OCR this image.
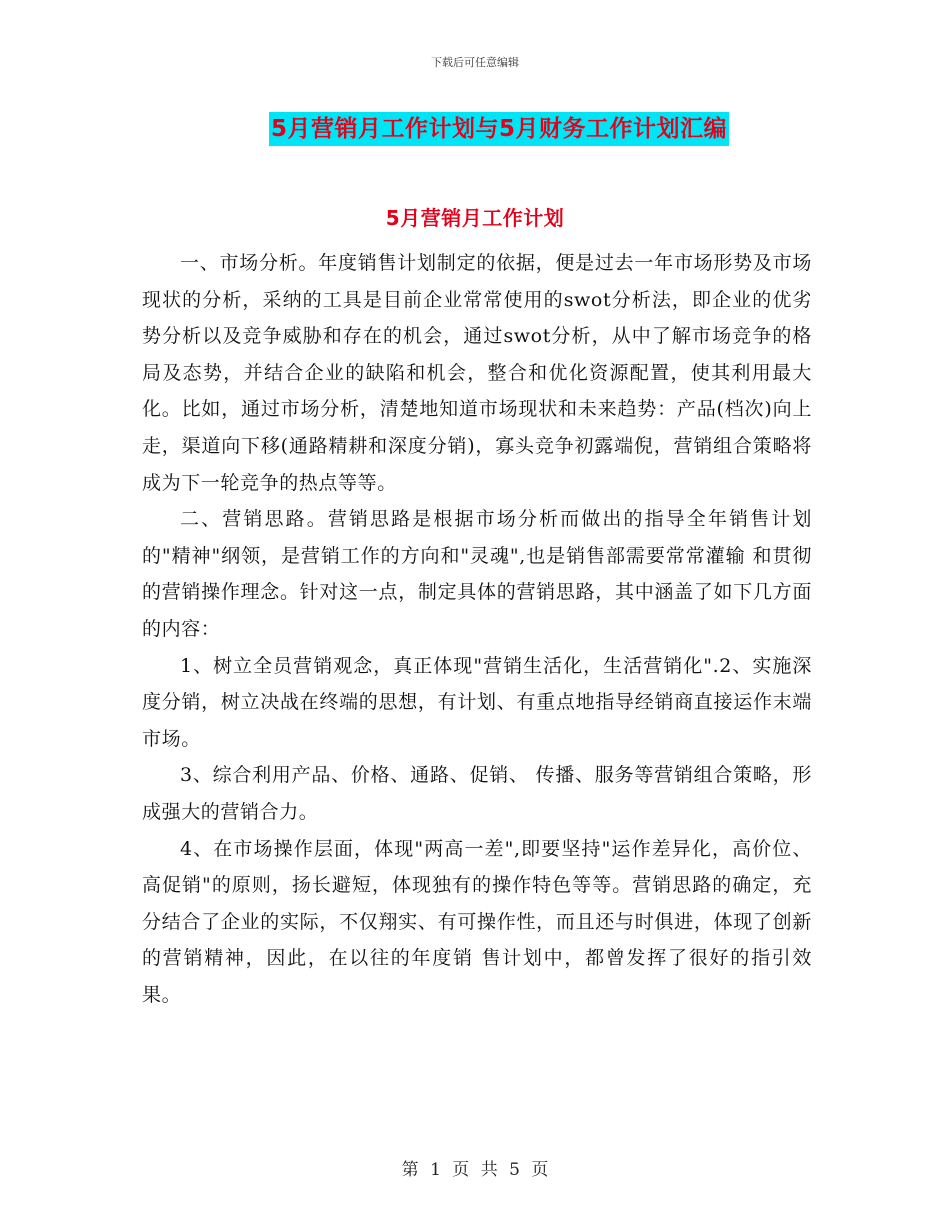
下载后可任意编辑
5月营销月工作计划与5月财务工作计划汇编
5月营销月工作计划

一、市场分析。年度销售计划制定的依据，便是过去一年市场形势及市场现状的分析，采纳的工具是目前企业常常使用的swot分析法，即企业的优劣势分析以及竞争威胁和存在的机会，通过swot分析，从中了解市场竞争的格局及态势，并结合企业的缺陷和机会，整合和优化资源配置，使其利用最大化。比如，通过市场分析，清楚地知道市场现状和未来趋势：产品(档次)向上走，渠道向下移(通路精耕和深度分销)，寡头竞争初露端倪，营销组合策略将成为下一轮竞争的热点等等。

二、营销思路。营销思路是根据市场分析而做出的指导全年销售计划的"精神"纲领，是营销工作的方向和"灵魂",也是销售部需要常常灌输 和贯彻的营销操作理念。针对这一点，制定具体的营销思路，其中涵盖了如下几方面的内容：

1、树立全员营销观念，真正体现"营销生活化，生活营销化".2、实施深度分销，树立决战在终端的思想，有计划、有重点地指导经销商直接运作末端市场。

3、综合利用产品、价格、通路、促销、 传播、服务等营销组合策略，形成强大的营销合力。

4、在市场操作层面，体现"两高一差",即要坚持"运作差异化，高价位、高促销"的原则，扬长避短，体现独有的操作特色等等。营销思路的确定，充分结合了企业的实际，不仅翔实、有可操作性，而且还与时俱进，体现了创新的营销精神，因此，在以往的年度销 售计划中，都曾发挥了很好的指引效果。

第 1 页 共 5 页
